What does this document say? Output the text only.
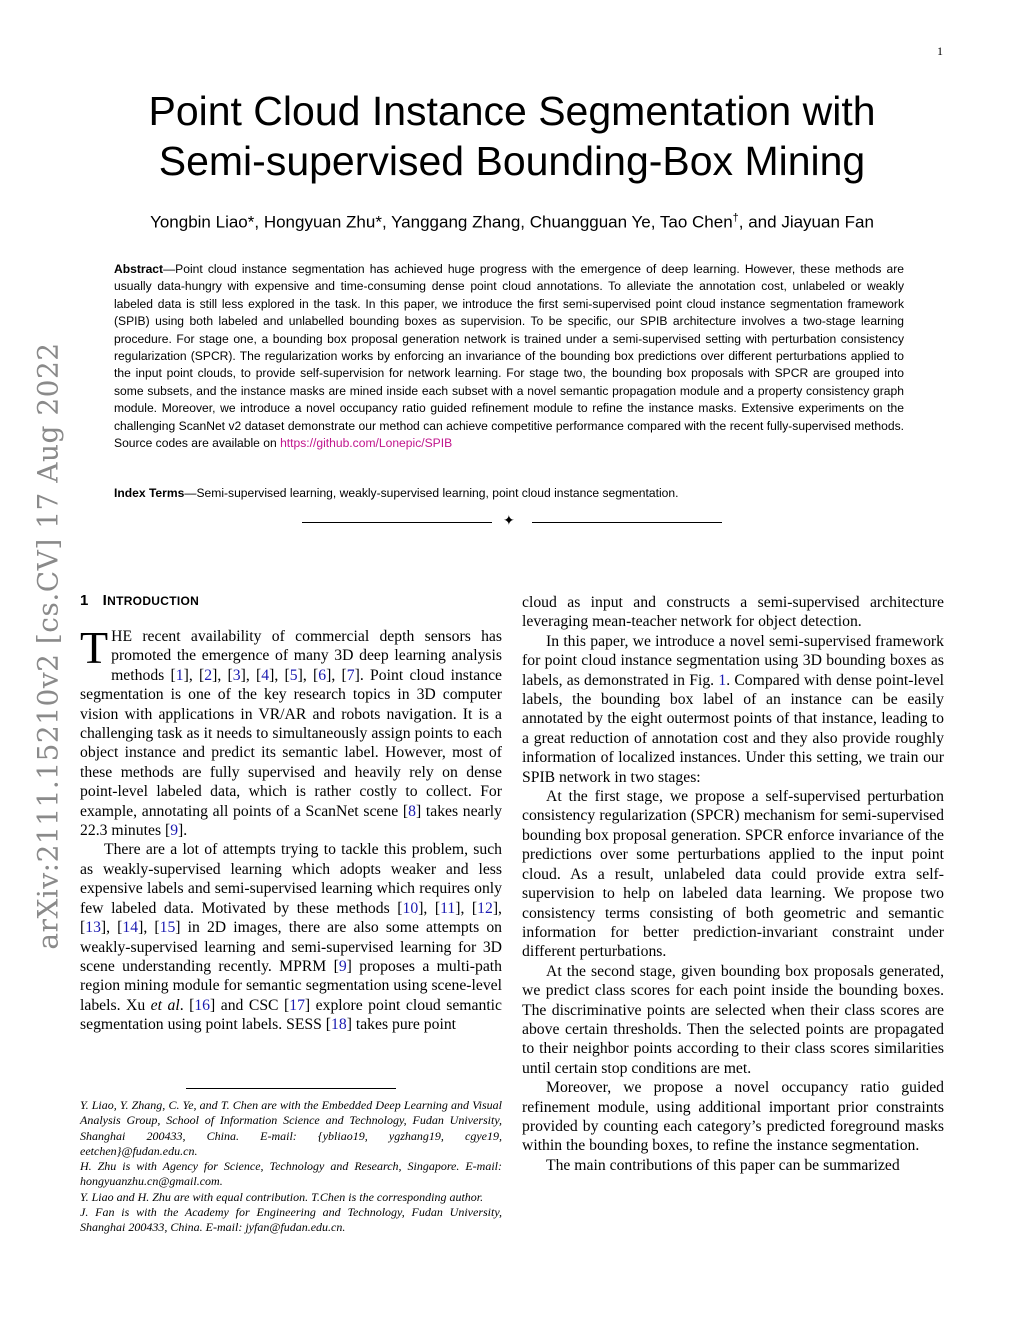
1
arXiv:2111.15210v2 [cs.CV] 17 Aug 2022
Point Cloud Instance Segmentation with
Semi-supervised Bounding-Box Mining
Yongbin Liao*, Hongyuan Zhu*, Yanggang Zhang, Chuangguan Ye, Tao Chen†, and Jiayuan Fan
Abstract—Point cloud instance segmentation has achieved huge progress with the emergence of deep learning. However, these methods are usually data-hungry with expensive and time-consuming dense point cloud annotations. To alleviate the annotation cost, unlabeled or weakly labeled data is still less explored in the task. In this paper, we introduce the first semi-supervised point cloud instance segmentation framework (SPIB) using both labeled and unlabelled bounding boxes as supervision. To be specific, our SPIB architecture involves a two-stage learning procedure. For stage one, a bounding box proposal generation network is trained under a semi-supervised setting with perturbation consistency regularization (SPCR). The regularization works by enforcing an invariance of the bounding box predictions over different perturbations applied to the input point clouds, to provide self-supervision for network learning. For stage two, the bounding box proposals with SPCR are grouped into some subsets, and the instance masks are mined inside each subset with a novel semantic propagation module and a property consistency graph module. Moreover, we introduce a novel occupancy ratio guided refinement module to refine the instance masks. Extensive experiments on the challenging ScanNet v2 dataset demonstrate our method can achieve competitive performance compared with the recent fully-supervised methods. Source codes are available on https://github.com/Lonepic/SPIB
Index Terms—Semi-supervised learning, weakly-supervised learning, point cloud instance segmentation.
✦
1 INTRODUCTION

THE recent availability of commercial depth sensors has promoted the emergence of many 3D deep learning analysis methods [1], [2], [3], [4], [5], [6], [7]. Point cloud instance segmentation is one of the key research topics in 3D computer vision with applications in VR/AR and robots navigation. It is a challenging task as it needs to simultaneously assign points to each object instance and predict its semantic label. However, most of these methods are fully supervised and heavily rely on dense point-level labeled data, which is rather costly to collect. For example, annotating all points of a ScanNet scene [8] takes nearly 22.3 minutes [9].

There are a lot of attempts trying to tackle this problem, such as weakly-supervised learning which adopts weaker and less expensive labels and semi-supervised learning which requires only few labeled data. Motivated by these methods [10], [11], [12], [13], [14], [15] in 2D images, there are also some attempts on weakly-supervised learning and semi-supervised learning for 3D scene understanding recently. MPRM [9] proposes a multi-path region mining module for semantic segmentation using scene-level labels. Xu et al. [16] and CSC [17] explore point cloud semantic segmentation using point labels. SESS [18] takes pure point

Y. Liao, Y. Zhang, C. Ye, and T. Chen are with the Embedded Deep Learning and Visual Analysis Group, School of Information Science and Technology, Fudan University, Shanghai 200433, China. E-mail: {ybliao19, ygzhang19, cgye19, eetchen}@fudan.edu.cn.

H. Zhu is with Agency for Science, Technology and Research, Singapore. E-mail: hongyuanzhu.cn@gmail.com.

Y. Liao and H. Zhu are with equal contribution. T.Chen is the corresponding author.

J. Fan is with the Academy for Engineering and Technology, Fudan University, Shanghai 200433, China. E-mail: jyfan@fudan.edu.cn.

cloud as input and constructs a semi-supervised architecture leveraging mean-teacher network for object detection.

In this paper, we introduce a novel semi-supervised framework for point cloud instance segmentation using 3D bounding boxes as labels, as demonstrated in Fig. 1. Compared with dense point-level labels, the bounding box label of an instance can be easily annotated by the eight outermost points of that instance, leading to a great reduction of annotation cost and they also provide roughly information of localized instances. Under this setting, we train our SPIB network in two stages:

At the first stage, we propose a self-supervised perturbation consistency regularization (SPCR) mechanism for semi-supervised bounding box proposal generation. SPCR enforce invariance of the predictions over some perturbations applied to the input point cloud. As a result, unlabeled data could provide extra self-supervision to help on labeled data learning. We propose two consistency terms consisting of both geometric and semantic information for better prediction-invariant constraint under different perturbations.

At the second stage, given bounding box proposals generated, we predict class scores for each point inside the bounding boxes. The discriminative points are selected when their class scores are above certain thresholds. Then the selected points are propagated to their neighbor points according to their class scores similarities until certain stop conditions are met.

Moreover, we propose a novel occupancy ratio guided refinement module, using additional important prior constraints provided by counting each category’s predicted foreground masks within the bounding boxes, to refine the instance segmentation.

The main contributions of this paper can be summarized
